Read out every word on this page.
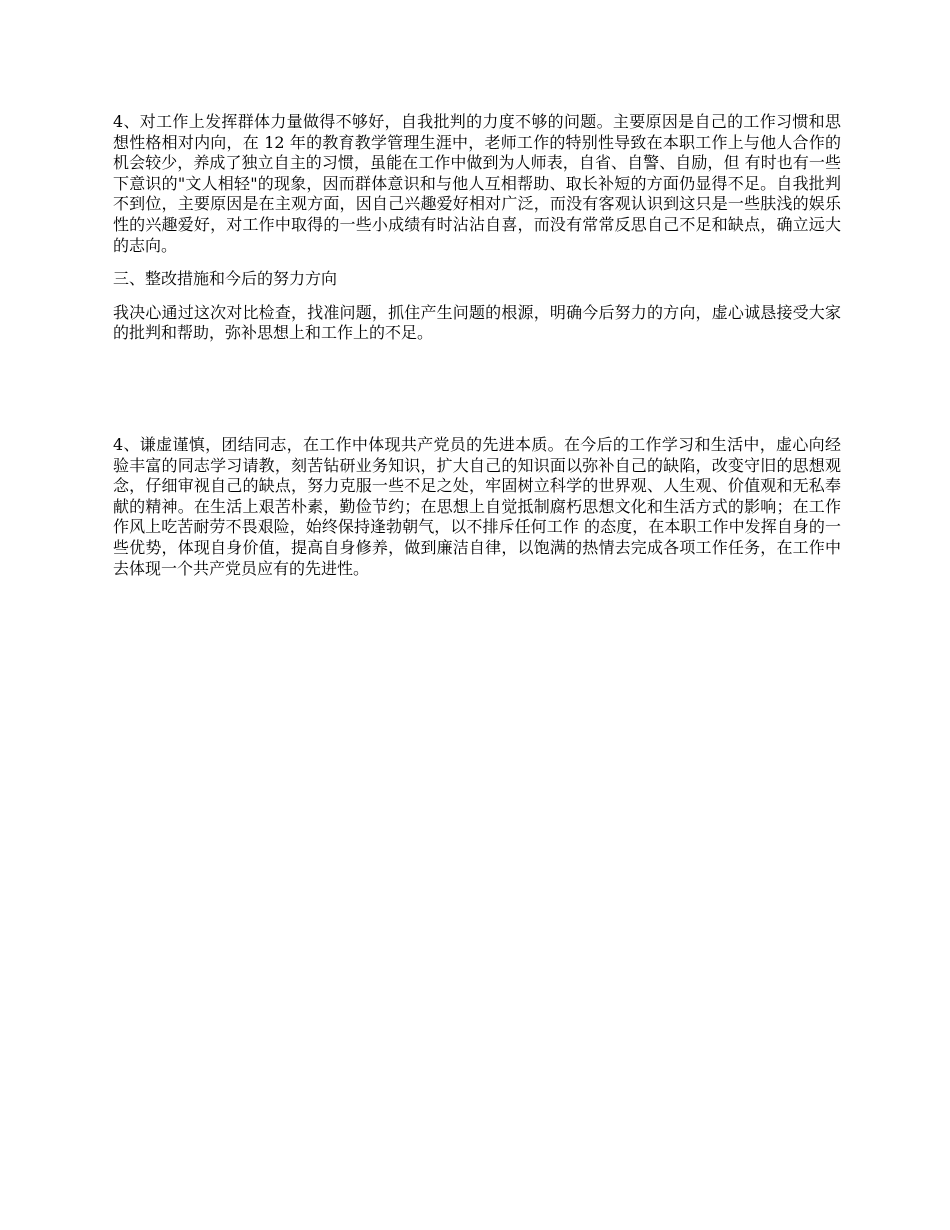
4、对工作上发挥群体力量做得不够好，自我批判的力度不够的问题。主要原因是自己的工作习惯和思想性格相对内向，在 12 年的教育教学管理生涯中，老师工作的特别性导致在本职工作上与他人合作的机会较少，养成了独立自主的习惯，虽能在工作中做到为人师表，自省、自警、自励，但 有时也有一些下意识的"文人相轻"的现象，因而群体意识和与他人互相帮助、取长补短的方面仍显得不足。自我批判不到位，主要原因是在主观方面，因自己兴趣爱好相对广泛，而没有客观认识到这只是一些肤浅的娱乐性的兴趣爱好，对工作中取得的一些小成绩有时沾沾自喜，而没有常常反思自己不足和缺点，确立远大的志向。

三、整改措施和今后的努力方向

我决心通过这次对比检查，找准问题，抓住产生问题的根源，明确今后努力的方向，虚心诚恳接受大家的批判和帮助，弥补思想上和工作上的不足。

4、谦虚谨慎，团结同志，在工作中体现共产党员的先进本质。在今后的工作学习和生活中，虚心向经验丰富的同志学习请教，刻苦钻研业务知识，扩大自己的知识面以弥补自己的缺陷，改变守旧的思想观念，仔细审视自己的缺点，努力克服一些不足之处，牢固树立科学的世界观、人生观、价值观和无私奉献的精神。在生活上艰苦朴素，勤俭节约；在思想上自觉抵制腐朽思想文化和生活方式的影响；在工作作风上吃苦耐劳不畏艰险，始终保持逢勃朝气，以不排斥任何工作 的态度，在本职工作中发挥自身的一些优势，体现自身价值，提高自身修养，做到廉洁自律，以饱满的热情去完成各项工作任务，在工作中去体现一个共产党员应有的先进性。
